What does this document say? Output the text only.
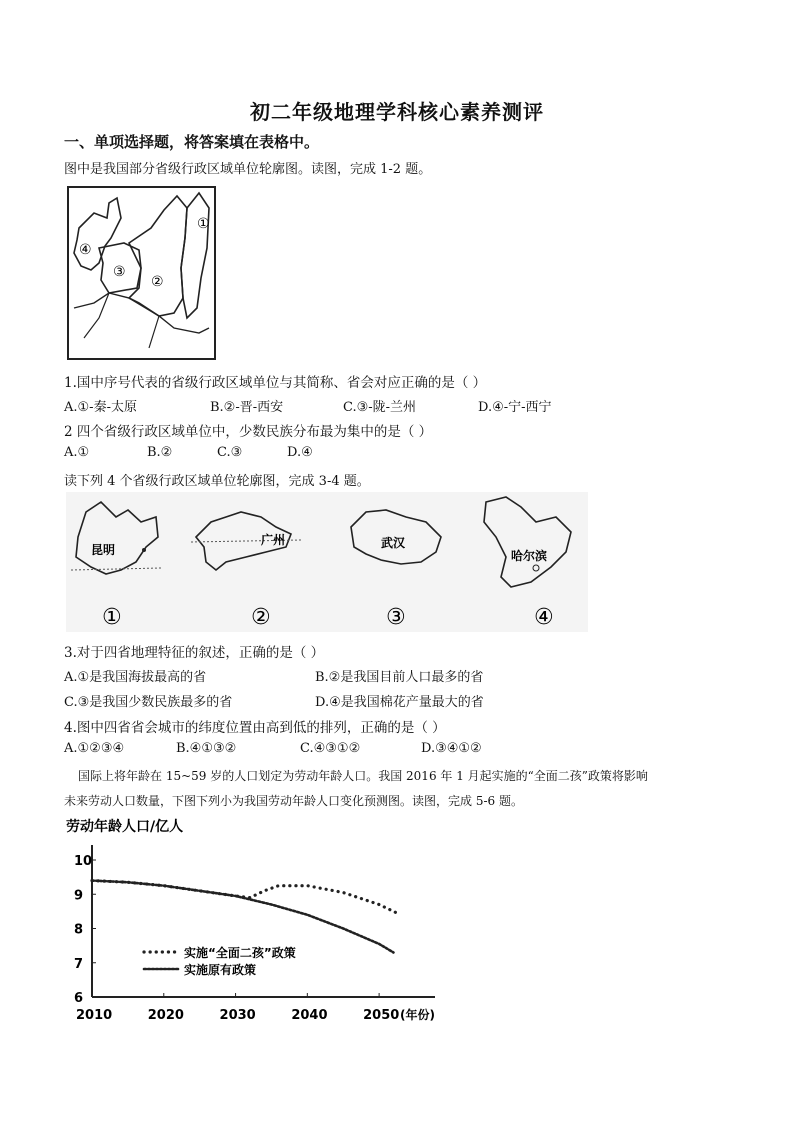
初二年级地理学科核心素养测评
一、单项选择题，将答案填在表格中。
图中是我国部分省级行政区域单位轮廓图。读图，完成 1-2 题。
①
②
③
④
1.国中序号代表的省级行政区域单位与其简称、省会对应正确的是（ ）
A.①-秦-太原	B.②-晋-西安	C.③-陇-兰州	D.④-宁-西宁
2 四个省级行政区域单位中，少数民族分布最为集中的是（ ）
A.①	B.②	C.③	D.④
读下列 4 个省级行政区域单位轮廓图，完成 3-4 题。
昆明
广州	武汉
哈尔滨
①	②	③	④
3.对于四省地理特征的叙述，正确的是（ ）
A.①是我国海拔最高的省	B.②是我国目前人口最多的省
C.③是我国少数民族最多的省	D.④是我国棉花产量最大的省
4.图中四省省会城市的纬度位置由高到低的排列，正确的是（ ）
A.①②③④	B.④①③②	C.④③①②	D.③④①②
国际上将年龄在 15~59 岁的人口划定为劳动年龄人口。我国 2016 年 1 月起实施的“全面二孩”政策将影响
未来劳动人口数量，下图下列小为我国劳动年龄人口变化预测图。读图，完成 5-6 题。
劳动年龄人口/亿人
6
7
8
9
10
2010	2020	2030	2040	2050 (年份)
实施“全面二孩”政策
实施原有政策
